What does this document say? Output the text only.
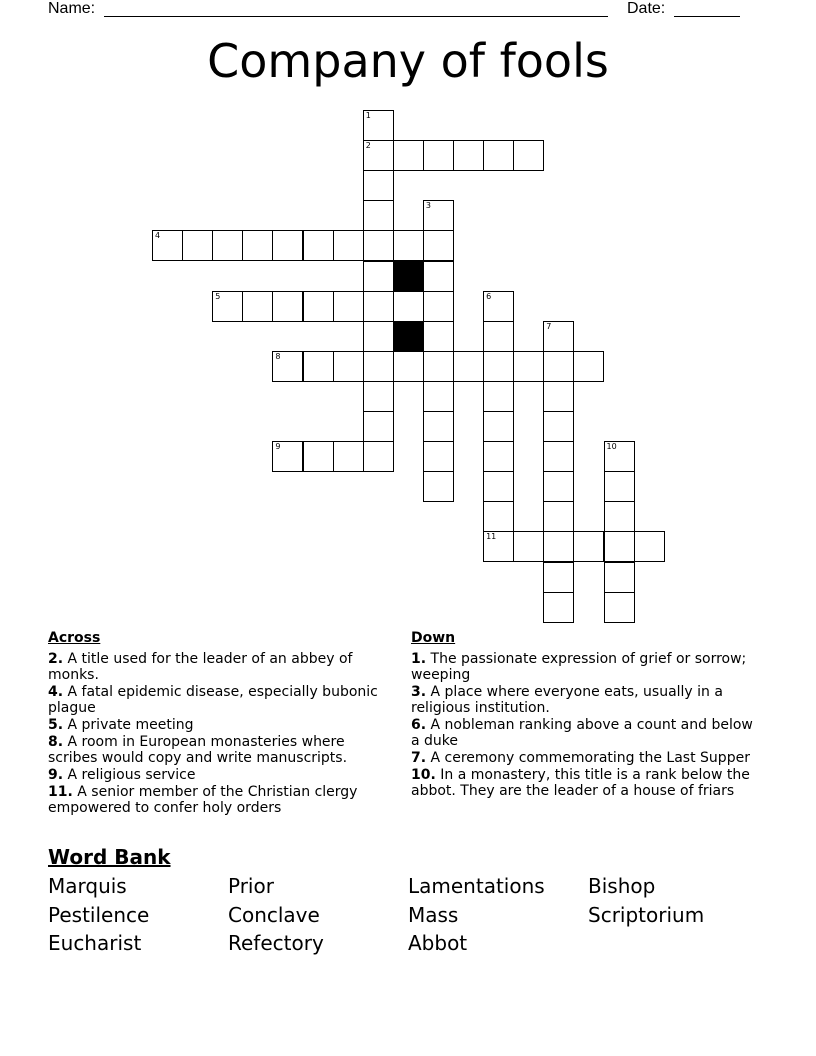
Name:	Date:
Company of fools
1
2
3
4
5	6
7
8
9	10
11
Across
2. A title used for the leader of an abbey of monks.
4. A fatal epidemic disease, especially bubonic plague
5. A private meeting
8. A room in European monasteries where scribes would copy and write manuscripts.
9. A religious service
11. A senior member of the Christian clergy empowered to confer holy orders
Down
1. The passionate expression of grief or sorrow; weeping
3. A place where everyone eats, usually in a religious institution.
6. A nobleman ranking above a count and below a duke
7. A ceremony commemorating the Last Supper
10. In a monastery, this title is a rank below the abbot. They are the leader of a house of friars
Word Bank
Marquis	Prior	Lamentations	Bishop
Pestilence	Conclave	Mass	Scriptorium
Eucharist	Refectory	Abbot
